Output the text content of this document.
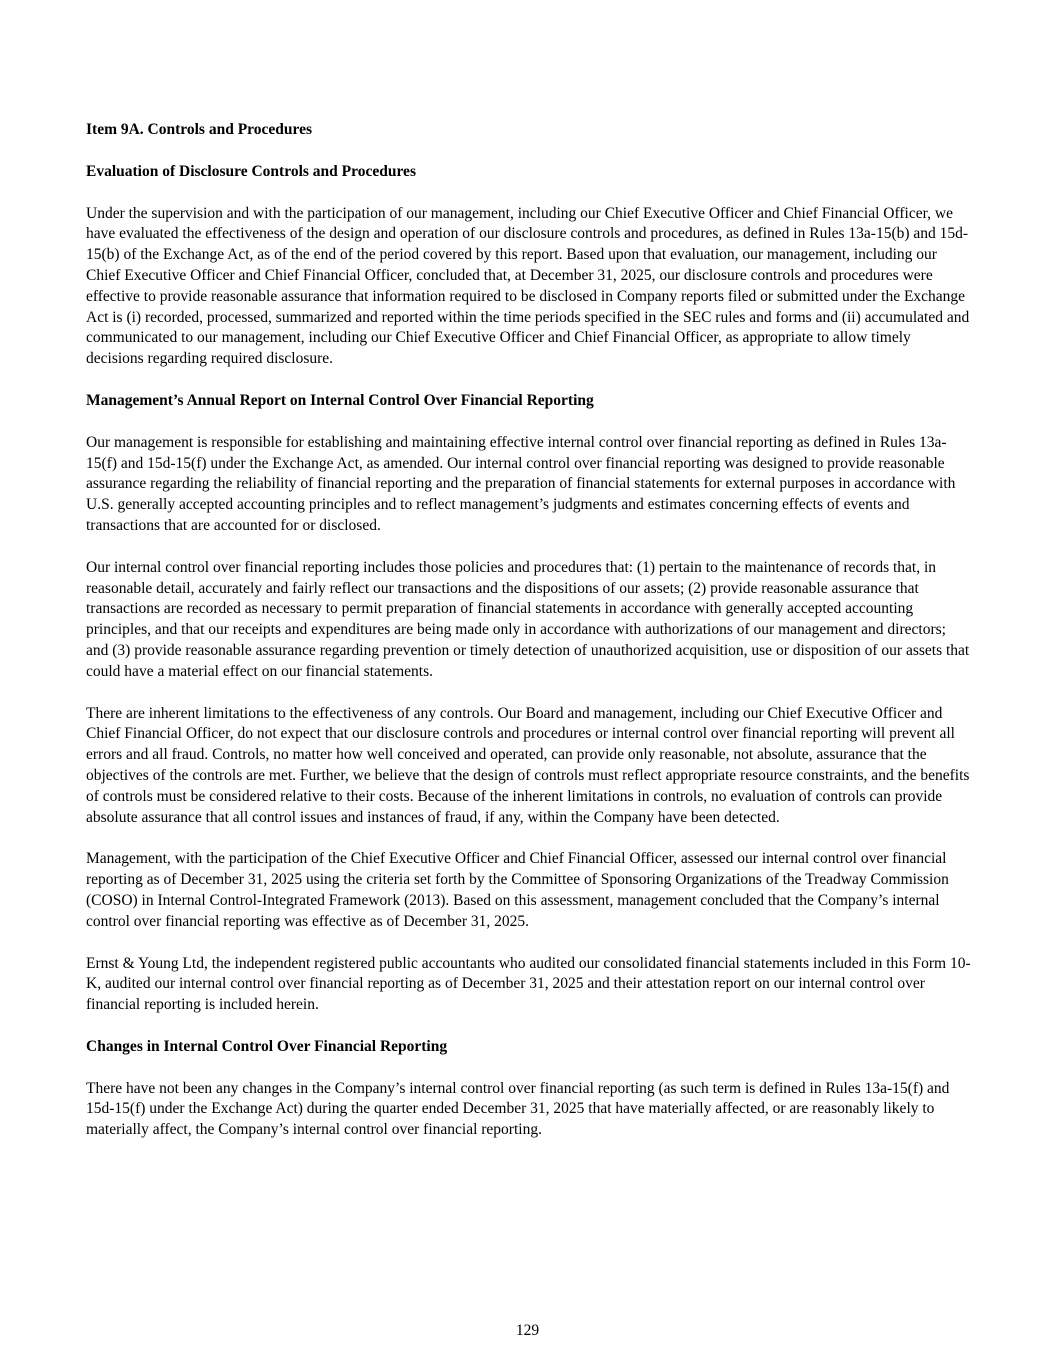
Item 9A. Controls and Procedures
Evaluation of Disclosure Controls and Procedures

Under the supervision and with the participation of our management, including our Chief Executive Officer and Chief Financial Officer, we have evaluated the effectiveness of the design and operation of our disclosure controls and procedures, as defined in Rules 13a-15(b) and 15d-15(b) of the Exchange Act, as of the end of the period covered by this report. Based upon that evaluation, our management, including our Chief Executive Officer and Chief Financial Officer, concluded that, at December 31, 2025, our disclosure controls and procedures were effective to provide reasonable assurance that information required to be disclosed in Company reports filed or submitted under the Exchange Act is (i) recorded, processed, summarized and reported within the time periods specified in the SEC rules and forms and (ii) accumulated and communicated to our management, including our Chief Executive Officer and Chief Financial Officer, as appropriate to allow timely decisions regarding required disclosure.

Management’s Annual Report on Internal Control Over Financial Reporting

Our management is responsible for establishing and maintaining effective internal control over financial reporting as defined in Rules 13a-15(f) and 15d-15(f) under the Exchange Act, as amended. Our internal control over financial reporting was designed to provide reasonable assurance regarding the reliability of financial reporting and the preparation of financial statements for external purposes in accordance with U.S. generally accepted accounting principles and to reflect management’s judgments and estimates concerning effects of events and transactions that are accounted for or disclosed.

Our internal control over financial reporting includes those policies and procedures that: (1) pertain to the maintenance of records that, in reasonable detail, accurately and fairly reflect our transactions and the dispositions of our assets; (2) provide reasonable assurance that transactions are recorded as necessary to permit preparation of financial statements in accordance with generally accepted accounting principles, and that our receipts and expenditures are being made only in accordance with authorizations of our management and directors; and (3) provide reasonable assurance regarding prevention or timely detection of unauthorized acquisition, use or disposition of our assets that could have a material effect on our financial statements.

There are inherent limitations to the effectiveness of any controls. Our Board and management, including our Chief Executive Officer and Chief Financial Officer, do not expect that our disclosure controls and procedures or internal control over financial reporting will prevent all errors and all fraud. Controls, no matter how well conceived and operated, can provide only reasonable, not absolute, assurance that the objectives of the controls are met. Further, we believe that the design of controls must reflect appropriate resource constraints, and the benefits of controls must be considered relative to their costs. Because of the inherent limitations in controls, no evaluation of controls can provide absolute assurance that all control issues and instances of fraud, if any, within the Company have been detected.

Management, with the participation of the Chief Executive Officer and Chief Financial Officer, assessed our internal control over financial reporting as of December 31, 2025 using the criteria set forth by the Committee of Sponsoring Organizations of the Treadway Commission (COSO) in Internal Control-Integrated Framework (2013). Based on this assessment, management concluded that the Company’s internal control over financial reporting was effective as of December 31, 2025.

Ernst & Young Ltd, the independent registered public accountants who audited our consolidated financial statements included in this Form 10-K, audited our internal control over financial reporting as of December 31, 2025 and their attestation report on our internal control over financial reporting is included herein.

Changes in Internal Control Over Financial Reporting

There have not been any changes in the Company’s internal control over financial reporting (as such term is defined in Rules 13a-15(f) and 15d-15(f) under the Exchange Act) during the quarter ended December 31, 2025 that have materially affected, or are reasonably likely to materially affect, the Company’s internal control over financial reporting.

129
